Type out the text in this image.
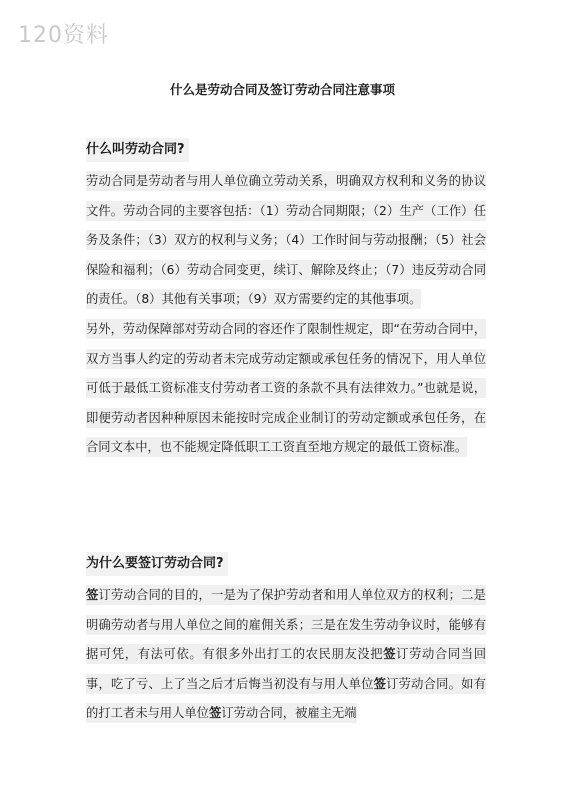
120资料
什么是劳动合同及签订劳动合同注意事项
什么叫劳动合同?

劳动合同是劳动者与用人单位确立劳动关系，明确双方权利和义务的协议文件。劳动合同的主要容包括：（1）劳动合同期限；（2）生产（工作）任务及条件；（3）双方的权利与义务；（4）工作时间与劳动报酬；（5）社会保险和福利；（6）劳动合同变更，续订、解除及终止；（7）违反劳动合同的责任。（8）其他有关事项；（9）双方需要约定的其他事项。

另外，劳动保障部对劳动合同的容还作了限制性规定，即“在劳动合同中，双方当事人约定的劳动者未完成劳动定额或承包任务的情况下，用人单位可低于最低工资标准支付劳动者工资的条款不具有法律效力。”也就是说，即便劳动者因种种原因未能按时完成企业制订的劳动定额或承包任务，在合同文本中，也不能规定降低职工工资直至地方规定的最低工资标准。

为什么要签订劳动合同?

签订劳动合同的目的，一是为了保护劳动者和用人单位双方的权利；二是明确劳动者与用人单位之间的雇佣关系；三是在发生劳动争议时，能够有据可凭，有法可依。有很多外出打工的农民朋友没把签订劳动合同当回事，吃了亏、上了当之后才后悔当初没有与用人单位签订劳动合同。如有的打工者未与用人单位签订劳动合同，被雇主无端
